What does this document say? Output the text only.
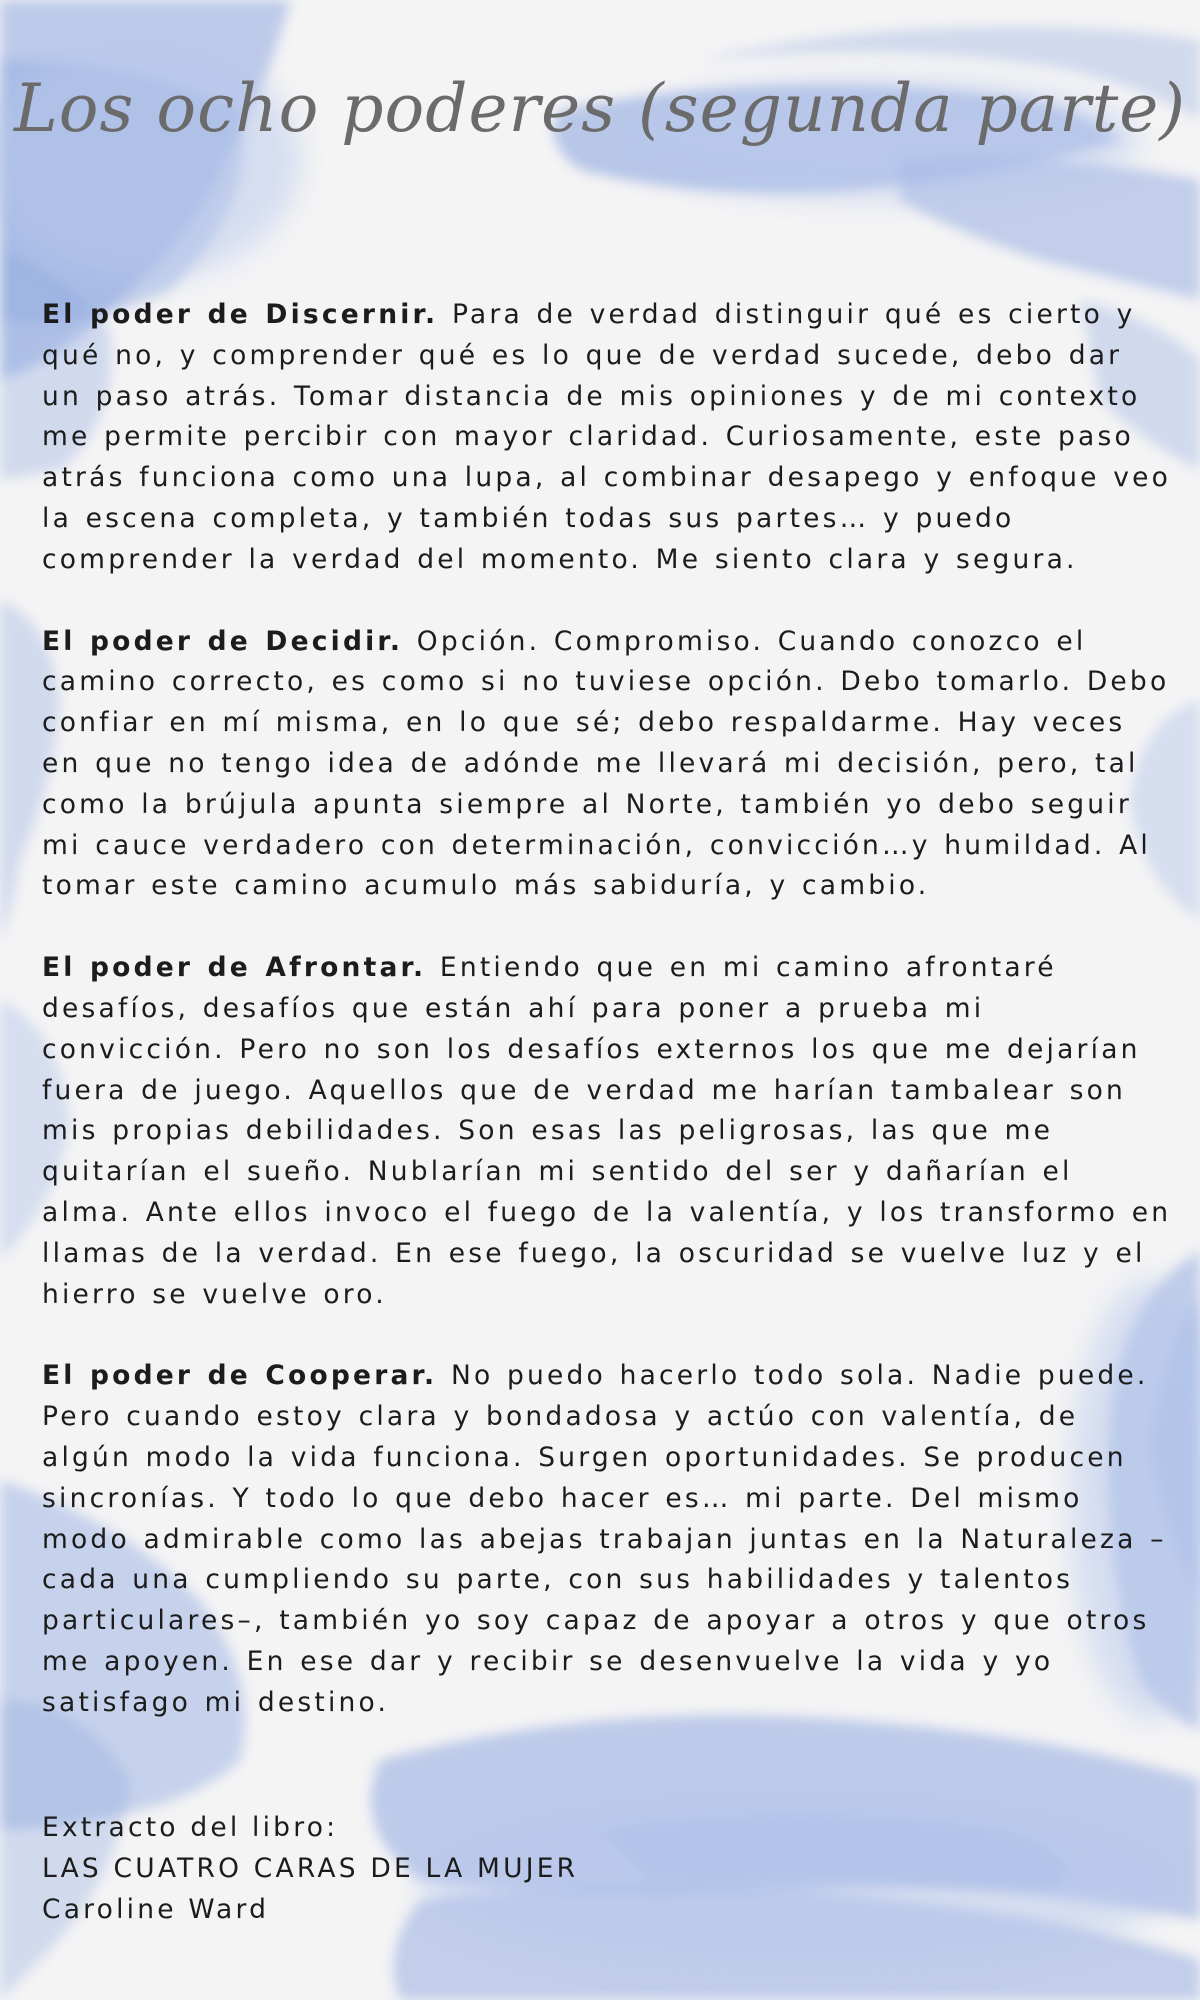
Los ocho poderes (segunda parte)

El poder de Discernir. Para de verdad distinguir qué es cierto y qué no, y comprender qué es lo que de verdad sucede, debo dar un paso atrás. Tomar distancia de mis opiniones y de mi contexto me permite percibir con mayor claridad. Curiosamente, este paso atrás funciona como una lupa, al combinar desapego y enfoque veo la escena completa, y también todas sus partes… y puedo comprender la verdad del momento. Me siento clara y segura.

El poder de Decidir. Opción. Compromiso. Cuando conozco el camino correcto, es como si no tuviese opción. Debo tomarlo. Debo confiar en mí misma, en lo que sé; debo respaldarme. Hay veces en que no tengo idea de adónde me llevará mi decisión, pero, tal como la brújula apunta siempre al Norte, también yo debo seguir mi cauce verdadero con determinación, convicción…y humildad. Al tomar este camino acumulo más sabiduría, y cambio.

El poder de Afrontar. Entiendo que en mi camino afrontaré desafíos, desafíos que están ahí para poner a prueba mi convicción. Pero no son los desafíos externos los que me dejarían fuera de juego. Aquellos que de verdad me harían tambalear son mis propias debilidades. Son esas las peligrosas, las que me quitarían el sueño. Nublarían mi sentido del ser y dañarían el alma. Ante ellos invoco el fuego de la valentía, y los transformo en llamas de la verdad. En ese fuego, la oscuridad se vuelve luz y el hierro se vuelve oro.

El poder de Cooperar. No puedo hacerlo todo sola. Nadie puede. Pero cuando estoy clara y bondadosa y actúo con valentía, de algún modo la vida funciona. Surgen oportunidades. Se producen sincronías. Y todo lo que debo hacer es… mi parte. Del mismo modo admirable como las abejas trabajan juntas en la Naturaleza –cada una cumpliendo su parte, con sus habilidades y talentos particulares–, también yo soy capaz de apoyar a otros y que otros me apoyen. En ese dar y recibir se desenvuelve la vida y yo satisfago mi destino.

Extracto del libro:
LAS CUATRO CARAS DE LA MUJER
Caroline Ward
